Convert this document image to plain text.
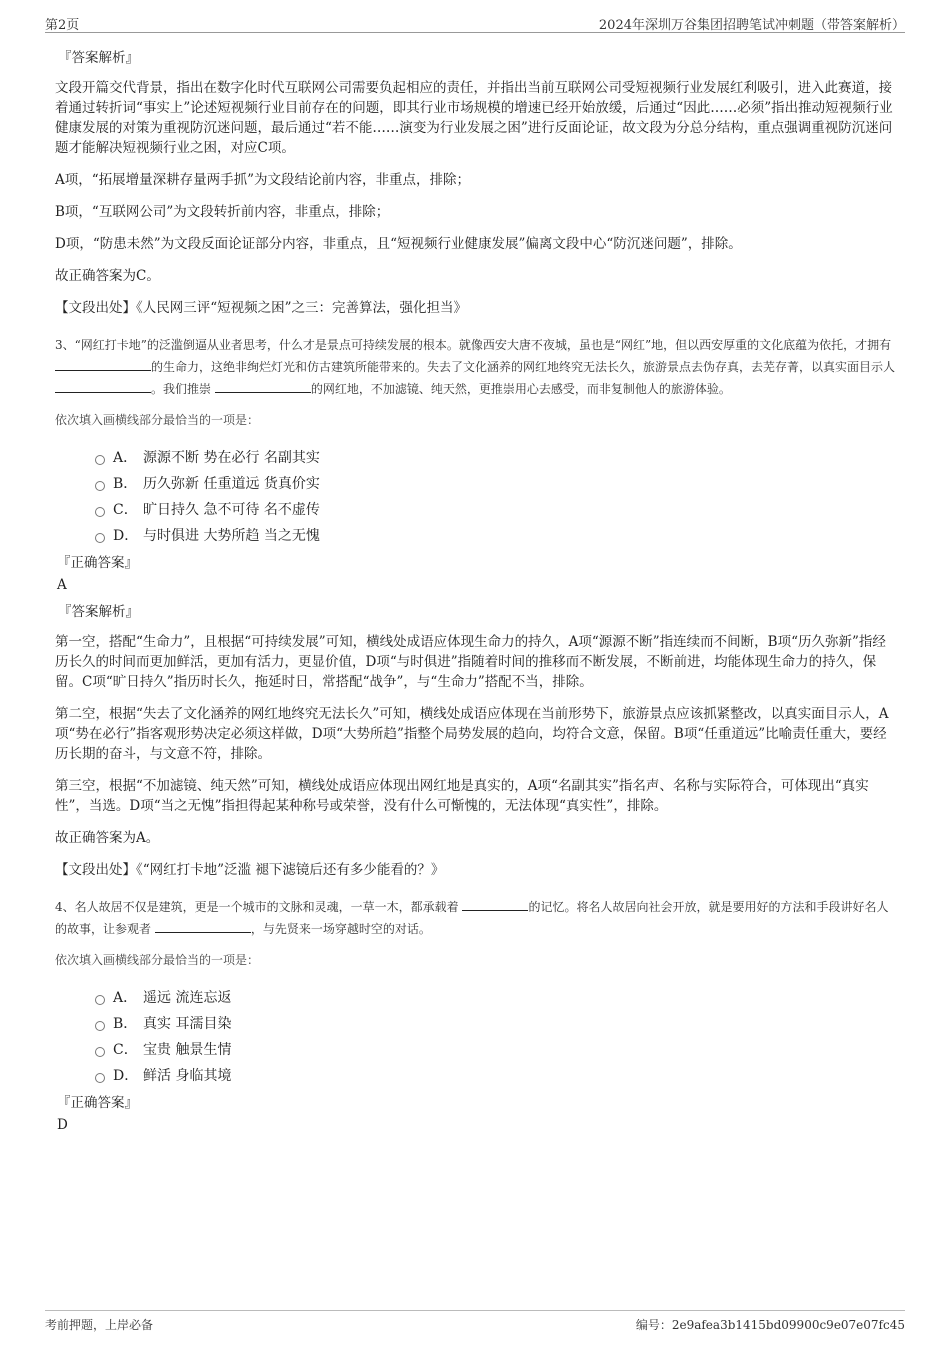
第2页	2024年深圳万谷集团招聘笔试冲刺题（带答案解析）
『答案解析』

文段开篇交代背景，指出在数字化时代互联网公司需要负起相应的责任，并指出当前互联网公司受短视频行业发展红利吸引，进入此赛道，接着通过转折词“事实上”论述短视频行业目前存在的问题，即其行业市场规模的增速已经开始放缓，后通过“因此……必须”指出推动短视频行业健康发展的对策为重视防沉迷问题，最后通过“若不能……演变为行业发展之困”进行反面论证，故文段为分总分结构，重点强调重视防沉迷问题才能解决短视频行业之困，对应C项。

A项，“拓展增量深耕存量两手抓”为文段结论前内容，非重点，排除；

B项，“互联网公司”为文段转折前内容，非重点，排除；

D项，“防患未然”为文段反面论证部分内容，非重点，且“短视频行业健康发展”偏离文段中心“防沉迷问题”，排除。

故正确答案为C。

【文段出处】《人民网三评“短视频之困”之三：完善算法，强化担当》

3、“网红打卡地”的泛滥倒逼从业者思考，什么才是景点可持续发展的根本。就像西安大唐不夜城，虽也是“网红”地，但以西安厚重的文化底蕴为依托，才拥有 的生命力，这绝非绚烂灯光和仿古建筑所能带来的。失去了文化涵养的网红地终究无法长久，旅游景点去伪存真，去芜存菁，以真实面目示人 。我们推崇	的网红地，不加滤镜、纯天然，更推崇用心去感受，而非复制他人的旅游体验。

依次填入画横线部分最恰当的一项是：

A． 源源不断 势在必行 名副其实
B． 历久弥新 任重道远 货真价实
C． 旷日持久 急不可待 名不虚传
D． 与时俱进 大势所趋 当之无愧
『正确答案』
A
『答案解析』

第一空，搭配“生命力”，且根据“可持续发展”可知，横线处成语应体现生命力的持久，A项“源源不断”指连续而不间断，B项“历久弥新”指经历长久的时间而更加鲜活，更加有活力，更显价值，D项“与时俱进”指随着时间的推移而不断发展，不断前进，均能体现生命力的持久，保留。C项“旷日持久”指历时长久，拖延时日，常搭配“战争”，与“生命力”搭配不当，排除。

第二空，根据“失去了文化涵养的网红地终究无法长久”可知，横线处成语应体现在当前形势下，旅游景点应该抓紧整改，以真实面目示人，A项“势在必行”指客观形势决定必须这样做，D项“大势所趋”指整个局势发展的趋向，均符合文意，保留。B项“任重道远”比喻责任重大，要经历长期的奋斗，与文意不符，排除。

第三空，根据“不加滤镜、纯天然”可知，横线处成语应体现出网红地是真实的，A项“名副其实”指名声、名称与实际符合，可体现出“真实性”，当选。D项“当之无愧”指担得起某种称号或荣誉，没有什么可惭愧的，无法体现“真实性”，排除。

故正确答案为A。

【文段出处】《“网红打卡地”泛滥 褪下滤镜后还有多少能看的？》

4、名人故居不仅是建筑，更是一个城市的文脉和灵魂，一草一木，都承载着	的记忆。将名人故居向社会开放，就是要用好的方法和手段讲好名人的故事，让参观者	，与先贤来一场穿越时空的对话。

依次填入画横线部分最恰当的一项是：

A． 遥远 流连忘返
B． 真实 耳濡目染
C． 宝贵 触景生情
D． 鲜活 身临其境
『正确答案』
D
考前押题，上岸必备	编号：2e9afea3b1415bd09900c9e07e07fc45
